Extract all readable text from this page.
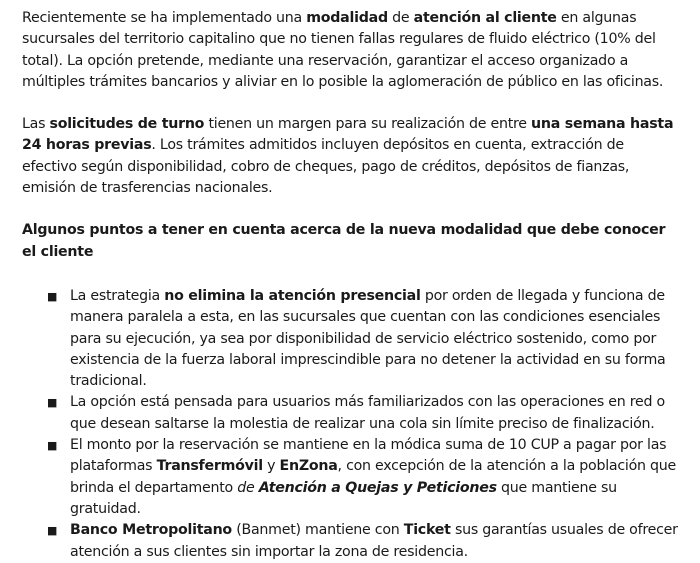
Recientemente se ha implementado una modalidad de atención al cliente en algunas sucursales del territorio capitalino que no tienen fallas regulares de fluido eléctrico (10% del total). La opción pretende, mediante una reservación, garantizar el acceso organizado a múltiples trámites bancarios y aliviar en lo posible la aglomeración de público en las oficinas.

Las solicitudes de turno tienen un margen para su realización de entre una semana hasta 24 horas previas. Los trámites admitidos incluyen depósitos en cuenta, extracción de efectivo según disponibilidad, cobro de cheques, pago de créditos, depósitos de fianzas, emisión de trasferencias nacionales.

Algunos puntos a tener en cuenta acerca de la nueva modalidad que debe conocer el cliente

■ La estrategia no elimina la atención presencial por orden de llegada y funciona de manera paralela a esta, en las sucursales que cuentan con las condiciones esenciales para su ejecución, ya sea por disponibilidad de servicio eléctrico sostenido, como por existencia de la fuerza laboral imprescindible para no detener la actividad en su forma tradicional.
■ La opción está pensada para usuarios más familiarizados con las operaciones en red o que desean saltarse la molestia de realizar una cola sin límite preciso de finalización.
■ El monto por la reservación se mantiene en la módica suma de 10 CUP a pagar por las plataformas Transfermóvil y EnZona, con excepción de la atención a la población que brinda el departamento de Atención a Quejas y Peticiones que mantiene su gratuidad.
■ Banco Metropolitano (Banmet) mantiene con Ticket sus garantías usuales de ofrecer atención a sus clientes sin importar la zona de residencia.
